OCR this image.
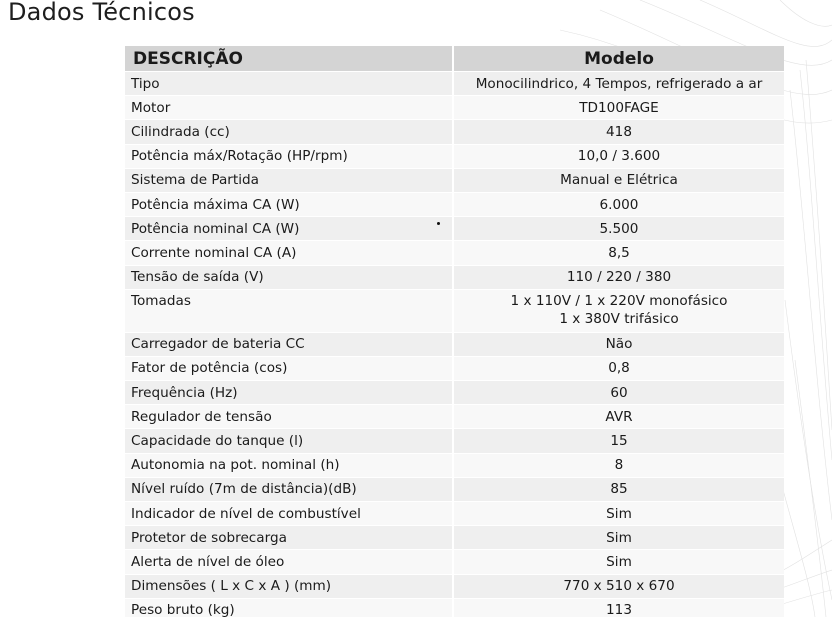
Dados Técnicos
DESCRIÇÃO	Modelo
Tipo	Monocilindrico, 4 Tempos, refrigerado a ar
Motor	TD100FAGE
Cilindrada (cc)	418
Potência máx/Rotação (HP/rpm)	10,0 / 3.600
Sistema de Partida	Manual e Elétrica
Potência máxima CA (W)	6.000
Potência nominal CA (W)	5.500
Corrente nominal CA (A)	8,5
Tensão de saída (V)	110 / 220 / 380
Tomadas	1 x 110V / 1 x 220V monofásico
1 x 380V trifásico

Carregador de bateria CC	Não
Fator de potência (cos)	0,8
Frequência (Hz)	60
Regulador de tensão	AVR
Capacidade do tanque (l)	15
Autonomia na pot. nominal (h)	8
Nível ruído (7m de distância)(dB)	85
Indicador de nível de combustível	Sim
Protetor de sobrecarga	Sim
Alerta de nível de óleo	Sim
Dimensões ( L x C x A ) (mm)	770 x 510 x 670
Peso bruto (kg)	113
